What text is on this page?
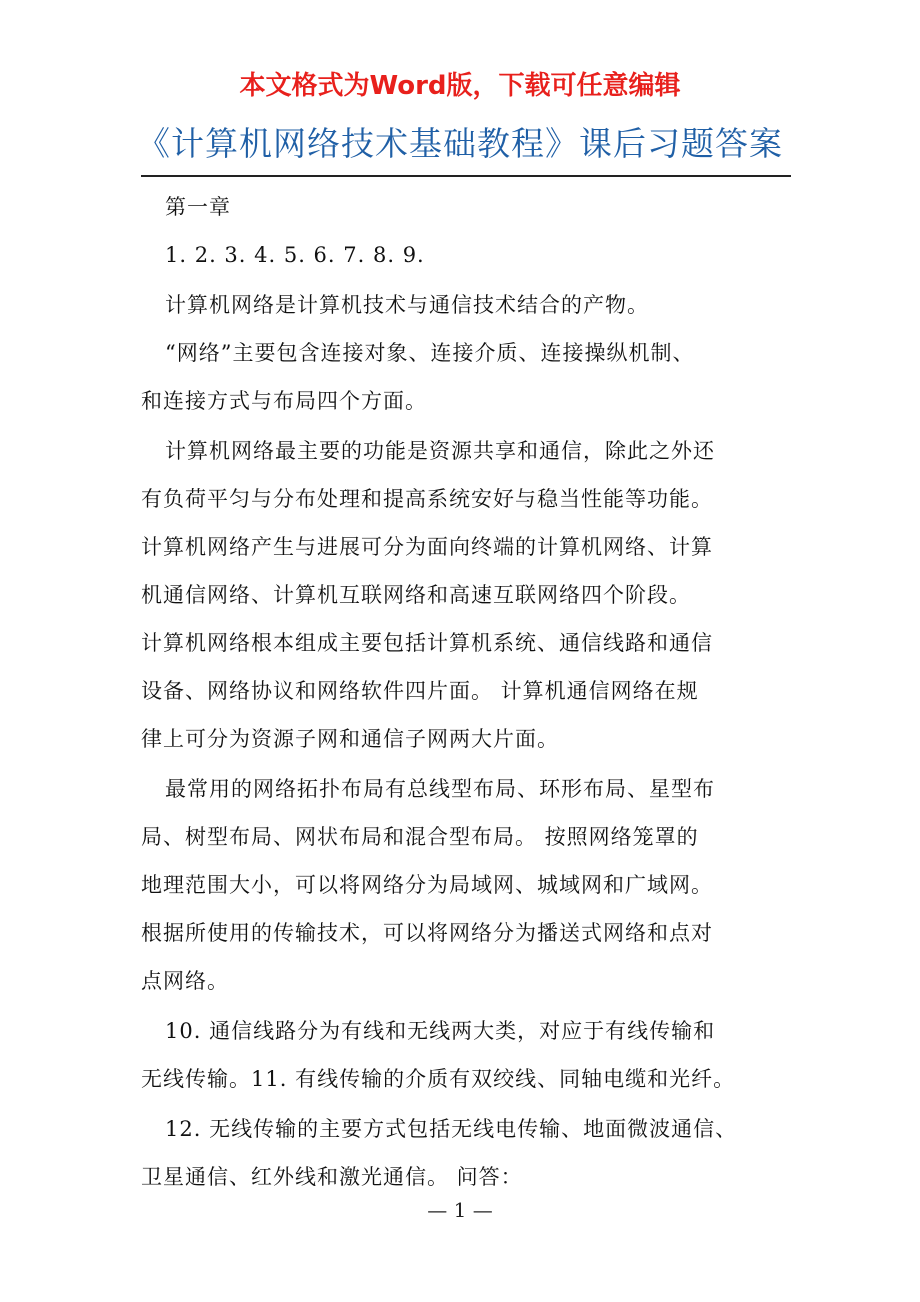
本文格式为Word版，下载可任意编辑
《计算机网络技术基础教程》课后习题答案

第一章

1. 2. 3. 4. 5. 6. 7. 8. 9.

计算机网络是计算机技术与通信技术结合的产物。

“网络”主要包含连接对象、连接介质、连接操纵机制、

和连接方式与布局四个方面。

计算机网络最主要的功能是资源共享和通信，除此之外还

有负荷平匀与分布处理和提高系统安好与稳当性能等功能。

计算机网络产生与进展可分为面向终端的计算机网络、计算

机通信网络、计算机互联网络和高速互联网络四个阶段。

计算机网络根本组成主要包括计算机系统、通信线路和通信

设备、网络协议和网络软件四片面。 计算机通信网络在规

律上可分为资源子网和通信子网两大片面。

最常用的网络拓扑布局有总线型布局、环形布局、星型布

局、树型布局、网状布局和混合型布局。 按照网络笼罩的

地理范围大小，可以将网络分为局域网、城域网和广域网。

根据所使用的传输技术，可以将网络分为播送式网络和点对

点网络。

10. 通信线路分为有线和无线两大类，对应于有线传输和

无线传输。11. 有线传输的介质有双绞线、同轴电缆和光纤。

12. 无线传输的主要方式包括无线电传输、地面微波通信、

卫星通信、红外线和激光通信。 问答：

— 1 —
